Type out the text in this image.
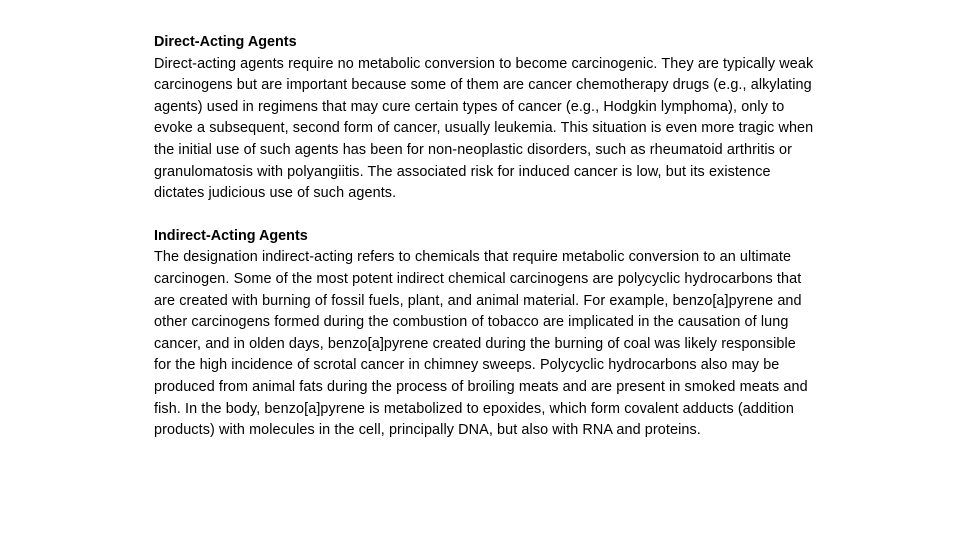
Direct-Acting Agents

Direct-acting agents require no metabolic conversion to become carcinogenic. They are typically weak carcinogens but are important because some of them are cancer chemotherapy drugs (e.g., alkylating agents) used in regimens that may cure certain types of cancer (e.g., Hodgkin lymphoma), only to evoke a subsequent, second form of cancer, usually leukemia. This situation is even more tragic when the initial use of such agents has been for non-neoplastic disorders, such as rheumatoid arthritis or granulomatosis with polyangiitis. The associated risk for induced cancer is low, but its existence dictates judicious use of such agents.

Indirect-Acting Agents

The designation indirect-acting refers to chemicals that require metabolic conversion to an ultimate carcinogen. Some of the most potent indirect chemical carcinogens are polycyclic hydrocarbons that are created with burning of fossil fuels, plant, and animal material. For example, benzo[a]pyrene and other carcinogens formed during the combustion of tobacco are implicated in the causation of lung cancer, and in olden days, benzo[a]pyrene created during the burning of coal was likely responsible for the high incidence of scrotal cancer in chimney sweeps. Polycyclic hydrocarbons also may be produced from animal fats during the process of broiling meats and are present in smoked meats and fish. In the body, benzo[a]pyrene is metabolized to epoxides, which form covalent adducts (addition products) with molecules in the cell, principally DNA, but also with RNA and proteins.
